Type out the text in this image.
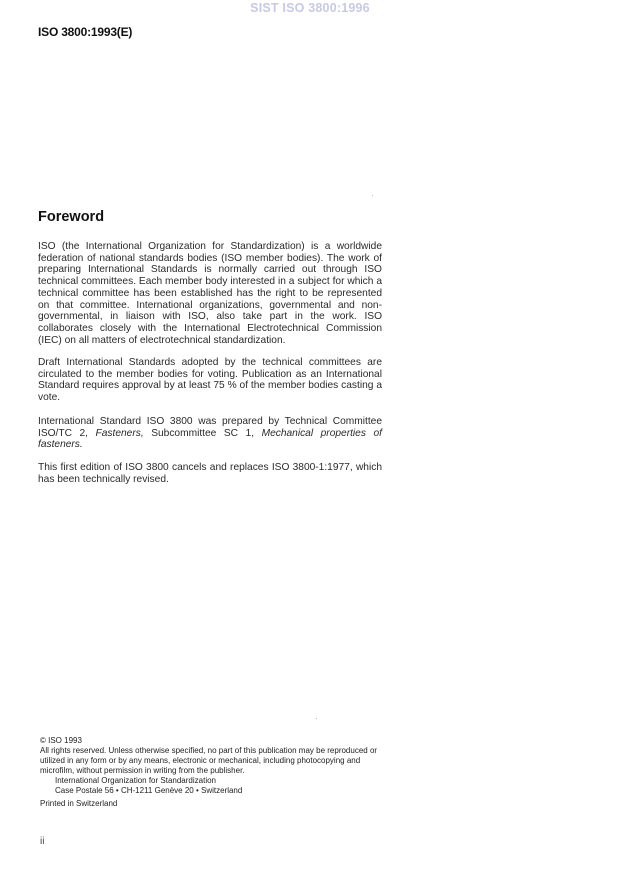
SIST ISO 3800:1996
ISO 3800:1993(E)
Foreword

ISO (the International Organization for Standardization) is a worldwide federation of national standards bodies (ISO member bodies). The work of preparing International Standards is normally carried out through ISO technical committees. Each member body interested in a subject for which a technical committee has been established has the right to be represented on that committee. International organizations, governmental and non-governmental, in liaison with ISO, also take part in the work. ISO collaborates closely with the International Electrotechnical Commission (IEC) on all matters of electrotechnical standardization.

Draft International Standards adopted by the technical committees are circulated to the member bodies for voting. Publication as an International Standard requires approval by at least 75 % of the member bodies casting a vote.

International Standard ISO 3800 was prepared by Technical Committee ISO/TC 2, Fasteners, Subcommittee SC 1, Mechanical properties of fasteners.

This first edition of ISO 3800 cancels and replaces ISO 3800-1:1977, which has been technically revised.

© ISO 1993
All rights reserved. Unless otherwise specified, no part of this publication may be reproduced or utilized in any form or by any means, electronic or mechanical, including photocopying and microfilm, without permission in writing from the publisher.
International Organization for Standardization
Case Postale 56 • CH-1211 Genève 20 • Switzerland
Printed in Switzerland
ii
